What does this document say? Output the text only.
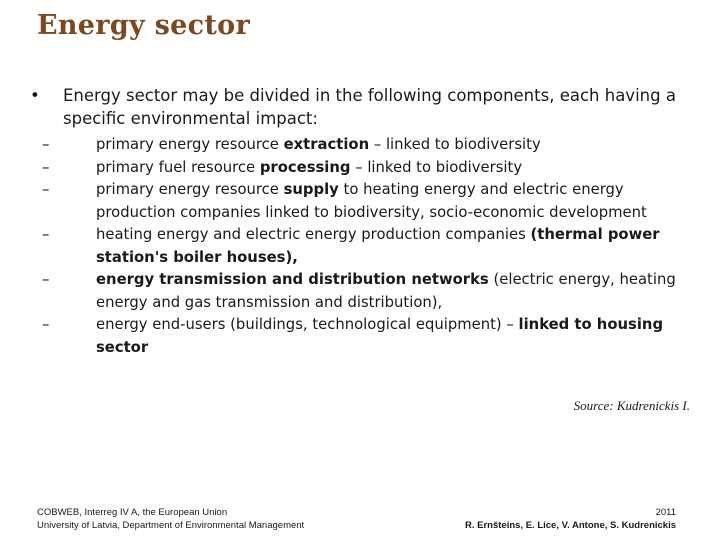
Energy sector
• Energy sector may be divided in the following components, each having a specific environmental impact:
–	primary energy resource extraction – linked to biodiversity
–	primary fuel resource processing – linked to biodiversity
–	primary energy resource supply to heating energy and electric energy production companies linked to biodiversity, socio-economic development
–	heating energy and electric energy production companies (thermal power station's boiler houses),
–	energy transmission and distribution networks (electric energy, heating energy and gas transmission and distribution),
–	energy end-users (buildings, technological equipment) – linked to housing sector
Source: Kudrenickis I.
COBWEB, Interreg IV A, the European Union
University of Latvia, Department of Environmental Management
2011
R. Ernšteins, E. Lice, V. Antone, S. Kudrenickis
